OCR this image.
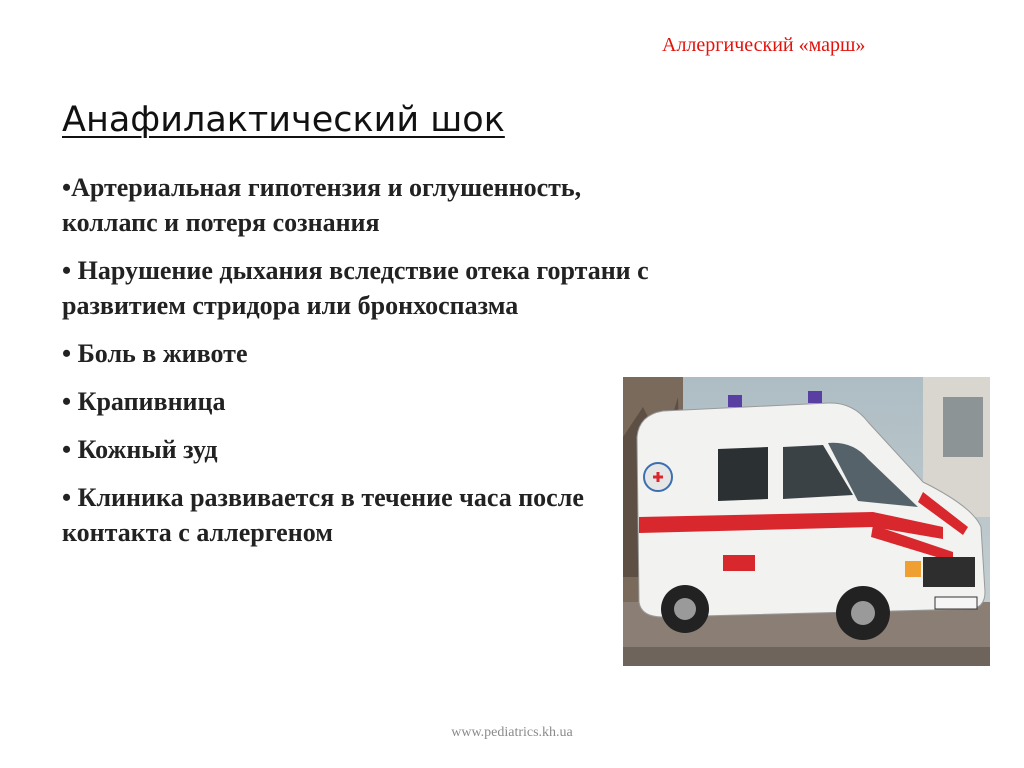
Аллергический «марш»
Анафилактический шок
•Артериальная гипотензия и оглушенность, коллапс и потеря сознания
• Нарушение дыхания вследствие отека гортани с развитием стридора или бронхоспазма
• Боль в животе
• Крапивница
• Кожный зуд
• Клиника развивается в течение часа после контакта с аллергеном
www.pediatrics.kh.ua
